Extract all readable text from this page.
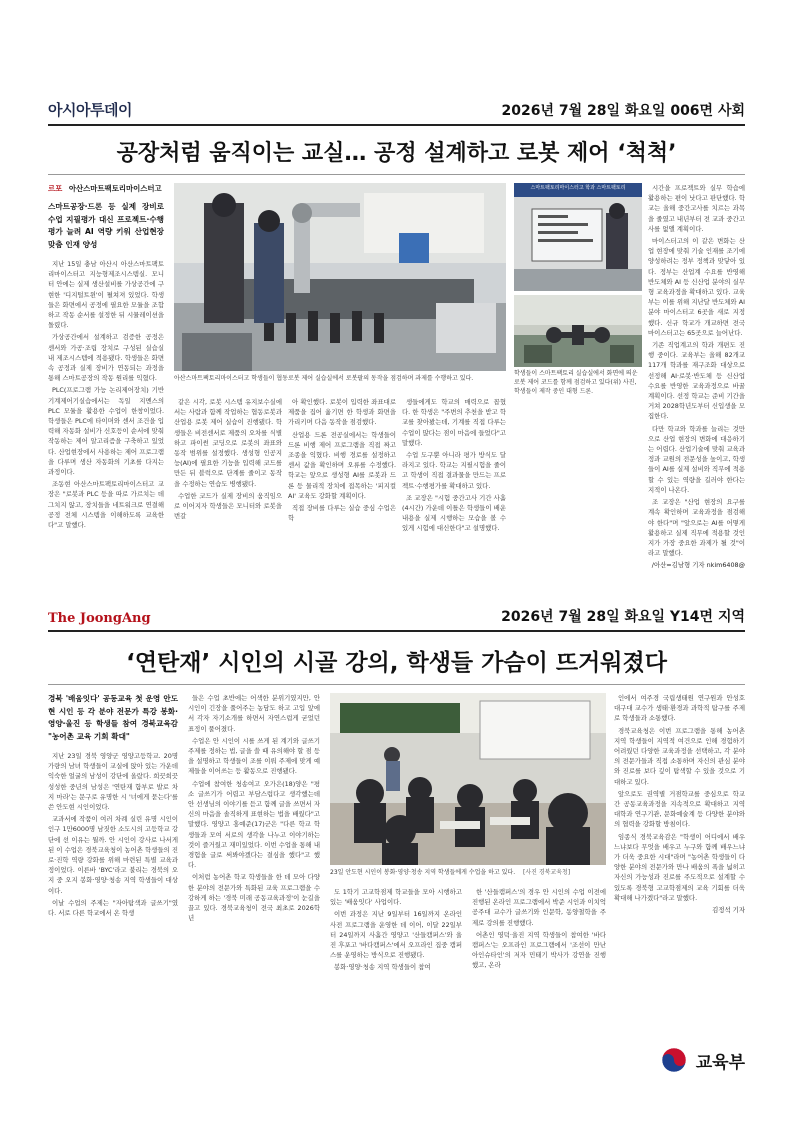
아시아투데이	2026년 7월 28일 화요일 006면 사회
공장처럼 움직이는 교실… 공정 설계하고 로봇 제어 ‘척척’
르포 아산스마트팩토리마이스터고
스마트공장·드론 등 실제 장비로 수업 지필평가 대신 프로젝트·수행평가 늘려 AI 역량 키워 산업현장 맞춤 인재 양성

지난 15일 충남 아산시 아산스마트팩토리마이스터고 지능형제조시스템실. 모니터 안에는 실제 생산설비를 가상공간에 구현한 '디지털트윈'이 펼쳐져 있었다. 학생들은 화면에서 공정에 필요한 모듈을 조합하고 작동 순서를 설정한 뒤 시뮬레이션을 돌렸다.

가상공간에서 설계하고 검증한 공정은 센서와 가공·조립 장치로 구성된 실습실 내 제조시스템에 적용됐다. 학생들은 화면 속 공정과 실제 장비가 연동되는 과정을 통해 스마트공장의 작동 원리를 익혔다.

PLC(프로그램 가능 논리제어장치) 기반 기계제어기실습에서는 독일 지멘스의 PLC 모듈을 활용한 수업이 한창이었다. 학생들은 PLC에 타이머와 센서 조건을 입력해 자동화 설비가 신호등이 순서에 맞춰 작동하는 제어 알고리즘을 구축하고 있었다. 산업현장에서 사용하는 제어 프로그램을 다루며 생산 자동화의 기초를 다지는 과정이다.

조동현 아산스마트팩토리마이스터고 교장은 "로봇과 PLC 등을 따로 가르치는 데 그치지 않고, 장치들을 네트워크로 연결해 공정 전체 시스템을 이해하도록 교육한다"고 말했다.

아산스마트팩토리마이스터고 학생들이 협동로봇 제어 실습실에서 로봇팔의 동작을 점검하며 과제를 수행하고 있다.
스마트팩토리마이스터고 학과 스마트팩토리
학생들이 스마트팩토리 실습실에서 화면에 띄운 로봇 제어 코드를 함께 점검하고 있다(위) 사진, 학생들이 제작 중인 대형 드론.

같은 시각, 로봇 시스템 유지보수실에서는 사람과 함께 작업하는 협동로봇과 산업용 로봇 제어 실습이 진행됐다. 학생들은 비전센서로 제품의 오차를 식별하고 파이썬 코딩으로 로봇의 좌표와 동작 범위를 설정했다. 생성형 인공지능(AI)에 필요한 기능을 입력해 코드를 만든 뒤 블럭으로 단계를 줄이고 동작을 수정하는 연습도 병행됐다.

수업한 코드가 실제 장비의 움직임으로 이어지자 학생들은 모니터와 로봇을 번갈

아 확인했다. 로봇이 입력한 좌표대로 제품을 집어 옮기면 한 학생과 화면을 가리키며 다음 동작을 점검했다.

산업용 드론 전공실에서는 학생들이 드론 비행 제어 프로그램을 직접 짜고 조종을 익혔다. 비행 경로를 설정하고 센서 값을 확인하며 오류를 수정했다. 학교는 앞으로 생성형 AI를 로봇과 드론 등 물리적 장치에 접목하는 '피지컬 AI' 교육도 강화할 계획이다.

직접 장비를 다루는 실습 중심 수업은 학

생들에게도 학교의 매력으로 꼽혔다. 한 학생은 "주변의 추천을 받고 학교를 찾아봤는데, 기계를 직접 다루는 수업이 많다는 점이 마음에 들었다"고 말했다.

수업 도구뿐 아니라 평가 방식도 달라지고 있다. 학교는 지필시험을 줄이고 학생이 직접 결과물을 만드는 프로젝트·수행평가를 확대하고 있다.

조 교장은 "시험 중간고사 기간 사흘(4시간) 가운데 이틀은 학생들이 배운 내용을 실제 시행하는 모습을 볼 수 있게 시험에 대신한다"고 설명했다.

시간을 프로젝트와 실무 학습에 활용하는 편이 낫다고 판단했다. 학교는 올해 중간고사를 치르는 과목을 줄였고 내년부터 전 교과 중간고사를 없앨 계획이다.

마이스터고의 이 같은 변화는 산업 현장에 맞춰 기술 인재를 조기에 양성하려는 정부 정책과 맞닿아 있다. 정부는 산업계 수요를 반영해 반도체와 AI 등 신산업 분야의 실무형 교육과정을 확대하고 있다. 교육부는 이를 위해 지난달 반도체와 AI 분야 마이스터고 6곳을 새로 지정했다. 신규 학교가 개교하면 전국 마이스터고는 65곳으로 늘어난다.

기존 직업계고의 학과 개편도 진행 중이다. 교육부는 올해 82개교 117개 학과를 재구조화 대상으로 선정해 AI·로봇·반도체 등 신산업 수요를 반영한 교육과정으로 바꿀 계획이다. 선정 학교는 준비 기간을 거쳐 2028학년도부터 신입생을 모집한다.

다만 학교와 학과를 늘리는 것만으로 산업 현장의 변화에 대응하기는 어렵다. 산업기술에 맞춰 교육과정과 교원의 전문성을 높이고, 학생들이 AI를 실제 설비와 직무에 적용할 수 있는 역량을 길러야 한다는 지적이 나온다.

조 교장은 "산업 현장의 요구를 계속 확인하며 교육과정을 점검해야 한다"며 "앞으로는 AI를 어떻게 활용하고 실제 직무에 적용할 것인지가 가장 중요한 과제가 될 것"이라고 말했다.

/아산=김남형 기자 nkim6408@
The JoongAng	2026년 7월 28일 화요일 Y14면 지역
‘연탄재’ 시인의 시골 강의, 학생들 가슴이 뜨거워졌다
경북 '배움잇다' 공동교육 첫 운영 안도현 시인 등 각 분야 전문가 특강 봉화·영양·울진 등 학생들 참여 경북교육감 "농어촌 교육 기회 확대"

지난 23일 경북 영양군 영양고등학교. 20명가량의 남녀 학생들이 교실에 앉아 있는 가운데 익숙한 얼굴의 남성이 강단에 올랐다. 희끗희끗 성성한 중년의 남성은 '연탄재 함부로 발로 차지 마라'는 문구로 유명한 시 '너에게 묻는다'를 쓴 안도현 시인이었다.

교과서에 작품이 여러 차례 실린 유명 시인이 인구 1만6000명 남짓한 소도시의 고등학교 강단에 선 이유는 뭘까. 안 시인이 강사로 나서게 된 이 수업은 경북교육청이 농어촌 학생들의 진로·진학 역량 강화를 위해 마련된 특별 교육과정이었다. 이른바 'BYC'라고 불리는 경북의 오지 중 오지 봉화·영양·청송 지역 학생들이 대상이다.

이날 수업의 주제는 "자아탐색과 글쓰기"였다. 서로 다른 학교에서 온 학생

들은 수업 초반에는 어색한 분위기였지만, 안 시인이 긴장을 풀어주는 농담도 하고 고입 앞에서 각자 자기소개를 하면서 자연스럽게 굳었던 표정이 풀어졌다.

수업은 안 시인이 시를 쓰게 된 계기와 글쓰기 주제를 정하는 법, 글을 쓸 때 유의해야 할 점 등을 설명하고 학생들이 조를 이뤄 주제에 맞게 예제들을 이어쓰는 등 활동으로 진행됐다.

수업에 참여한 청송여고 오가은(18)양은 "평소 글쓰기가 어렵고 부담스럽다고 생각했는데 안 선생님의 이야기를 듣고 함께 글을 쓰면서 자신의 마음을 솔직하게 표현하는 법을 배웠다"고 말했다. 영양고 홍예준(17)군은 "다른 학교 학생들과 모여 서로의 생각을 나누고 이야기하는 것이 즐거웠고 재미있었다. 이번 수업을 통해 내 경험을 글로 써봐야겠다는 결심을 했다"고 했다.

이처럼 농어촌 학교 학생들을 한 데 모아 다양한 분야의 전문가와 특화된 교육 프로그램을 수강하게 하는 '경북 미래 공동교육과정'이 눈길을 끌고 있다. 경북교육청이 전국 최초로 2026학년

23일 안도현 시인이 봉화·영양·청송 지역 학생들에게 수업을 하고 있다. [사진 경북교육청]

도 1학기 고교학점제 학교들을 모아 시행하고 있는 '배움잇다' 사업이다.

이번 과정은 지난 9일부터 16일까지 온라인 사전 프로그램을 운영한 데 이어, 이달 22일부터 24일까지 사흘간 영양고 '산들캠퍼스'와 울진 후포고 '바다캠퍼스'에서 오프라인 집중 캠퍼스를 운영하는 방식으로 진행됐다.

봉화·영양·청송 지역 학생들이 참여

한 '산들캠퍼스'의 경우 안 시인의 수업 이전에 진행된 온라인 프로그램에서 박준 시인과 이치억 공주대 교수가 글쓰기와 인문학, 동양철학을 주제로 강의를 진행했다.

어촌인 영덕·울진 지역 학생들이 참여한 '바다캠퍼스'는 오프라인 프로그램에서 '조선이 만난 아인슈타인'의 저자 민태기 박사가 강연을 진행했고, 온라

인에서 여주경 국립생태원 연구원과 안성호 대구대 교수가 생태·환경과 과학적 탐구를 주제로 학생들과 소통했다.

경북교육청은 이번 프로그램을 통해 농어촌 지역 학생들이 지역적 여건으로 인해 경험하기 어려웠던 다양한 교육과정을 선택하고, 각 분야의 전문가들과 직접 소통하며 자신의 관심 분야와 진로를 보다 깊이 탐색할 수 있을 것으로 기대하고 있다.

앞으로도 권역별 거점학교를 중심으로 학교 간 공동교육과정을 지속적으로 확대하고 지역 대학과 연구기관, 문화예술계 등 다양한 분야와의 협력을 강화할 방침이다.

임종식 경북교육감은 "학생이 어디에서 배우느냐보다 무엇을 배우고 누구와 함께 배우느냐가 더욱 중요한 시대"라며 "농어촌 학생들이 다양한 분야의 전문가와 만나 배움의 폭을 넓히고 자신의 가능성과 진로를 주도적으로 설계할 수 있도록 경북형 고교학점제의 교육 기회를 더욱 확대해 나가겠다"라고 말했다.

김정석 기자
교육부
